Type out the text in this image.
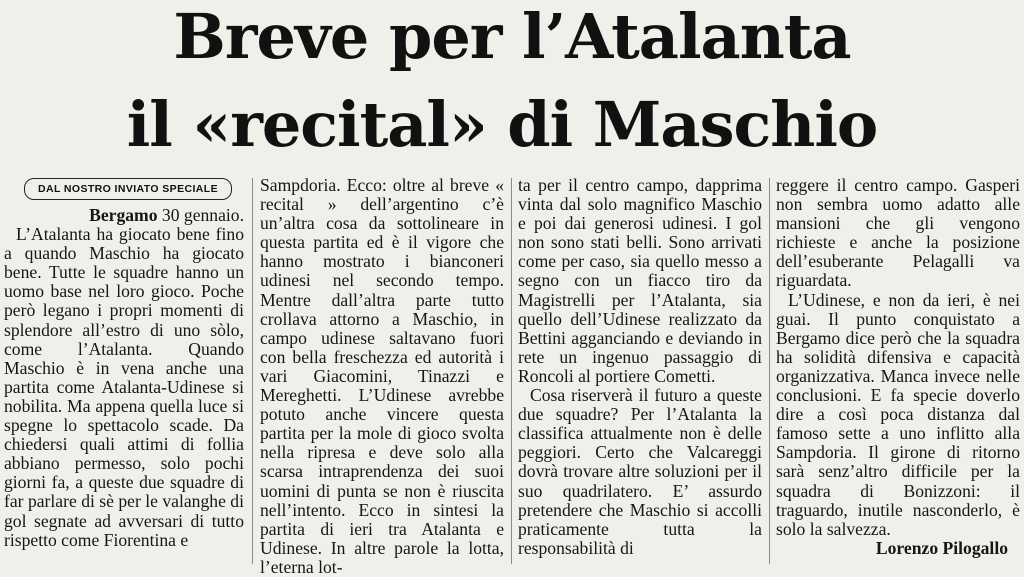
Breve per l’Atalanta
il «recital» di Maschio
DAL NOSTRO INVIATO SPECIALE

Bergamo 30 gennaio.

L’Atalanta ha giocato bene fino a quando Maschio ha giocato bene. Tutte le squadre hanno un uomo base nel loro gioco. Poche però legano i propri momenti di splendore all’estro di uno sòlo, come l’Atalanta. Quando Maschio è in vena anche una partita come Atalanta-Udinese si nobilita. Ma appena quella luce si spegne lo spettacolo scade. Da chiedersi quali attimi di follia abbiano permesso, solo pochi giorni fa, a queste due squadre di far parlare di sè per le valanghe di gol segnate ad avversari di tutto rispetto come Fiorentina e

Sampdoria. Ecco: oltre al breve « recital » dell’argentino c’è un’altra cosa da sottolineare in questa partita ed è il vigore che hanno mostrato i bianconeri udinesi nel secondo tempo. Mentre dall’altra parte tutto crollava attorno a Maschio, in campo udinese saltavano fuori con bella freschezza ed autorità i vari Giacomini, Tinazzi e Mereghetti. L’Udinese avrebbe potuto anche vincere questa partita per la mole di gioco svolta nella ripresa e deve solo alla scarsa intraprendenza dei suoi uomini di punta se non è riuscita nell’intento. Ecco in sintesi la partita di ieri tra Atalanta e Udinese. In altre parole la lotta, l’eterna lot-

ta per il centro campo, dapprima vinta dal solo magnifico Maschio e poi dai generosi udinesi. I gol non sono stati belli. Sono arrivati come per caso, sia quello messo a segno con un fiacco tiro da Magistrelli per l’Atalanta, sia quello dell’Udinese realizzato da Bettini agganciando e deviando in rete un ingenuo passaggio di Roncoli al portiere Cometti.

Cosa riserverà il futuro a queste due squadre? Per l’Atalanta la classifica attualmente non è delle peggiori. Certo che Valcareggi dovrà trovare altre soluzioni per il suo quadrilatero. E’ assurdo pretendere che Maschio si accolli praticamente tutta la responsabilità di

reggere il centro campo. Gasperi non sembra uomo adatto alle mansioni che gli vengono richieste e anche la posizione dell’esuberante Pelagalli va riguardata.

L’Udinese, e non da ieri, è nei guai. Il punto conquistato a Bergamo dice però che la squadra ha solidità difensiva e capacità organizzativa. Manca invece nelle conclusioni. E fa specie doverlo dire a così poca distanza dal famoso sette a uno inflitto alla Sampdoria. Il girone di ritorno sarà senz’altro difficile per la squadra di Bonizzoni: il traguardo, inutile nasconderlo, è solo la salvezza.

Lorenzo Pilogallo
